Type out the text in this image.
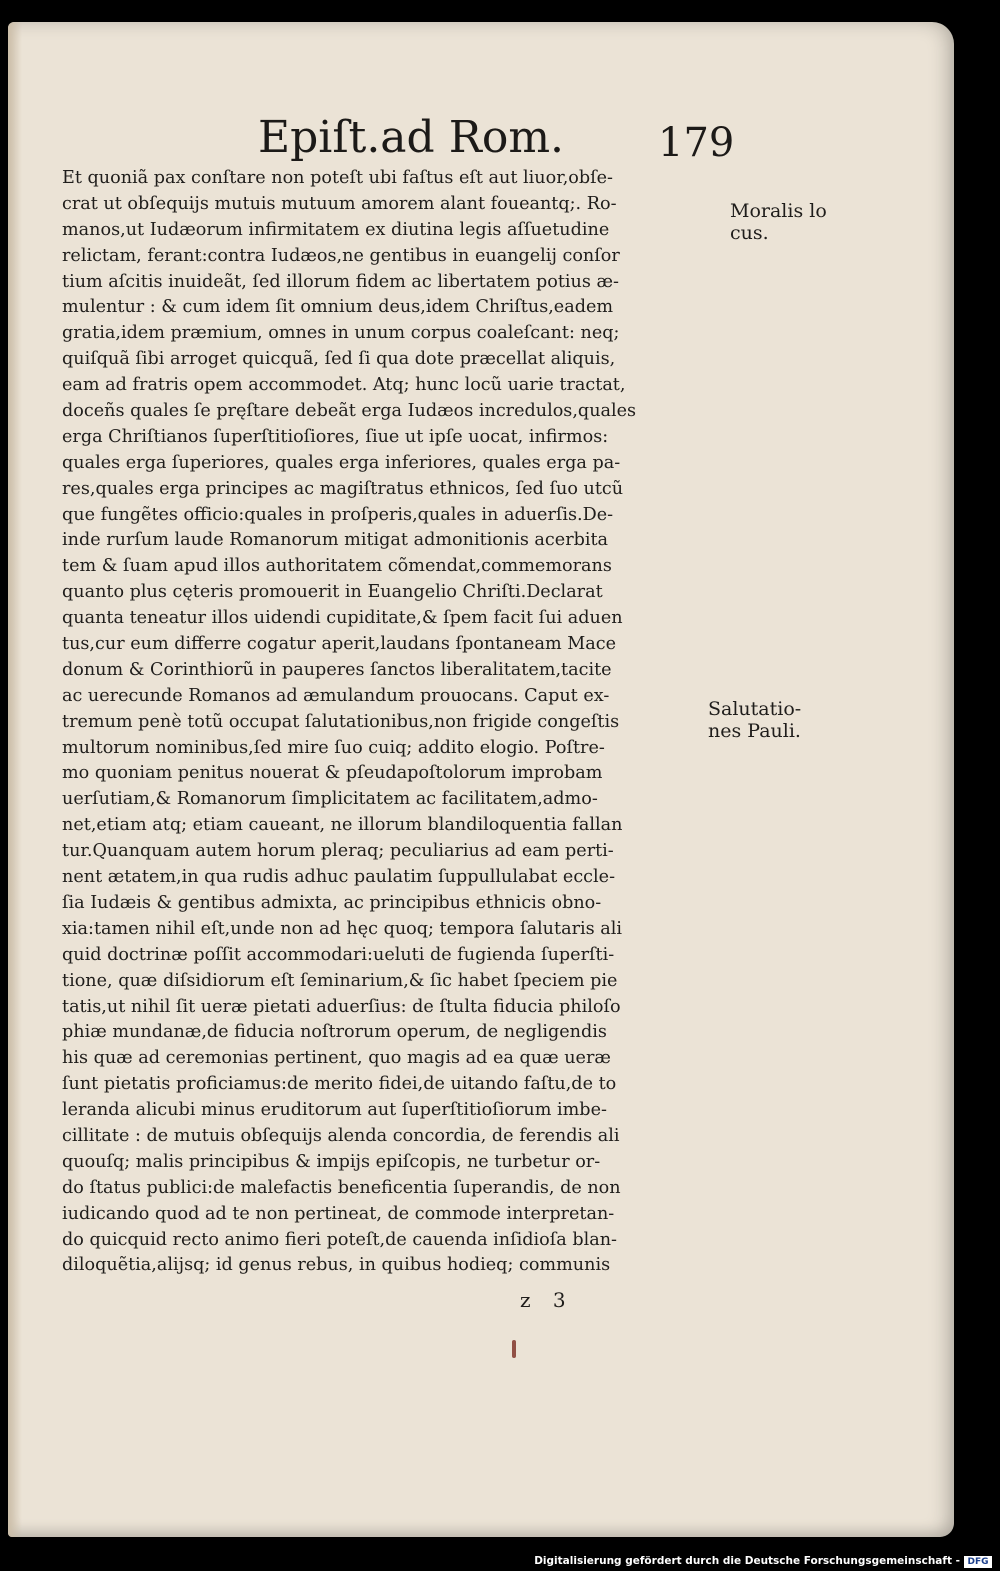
Epiſt.ad Rom. 179
Et quoniã pax conſtare non poteſt ubi faſtus eſt aut liuor,obſe-
crat ut obſequijs mutuis mutuum amorem alant foueantq;. Ro-
manos,ut Iudæorum infirmitatem ex diutina legis aſſuetudine
relictam, ferant:contra Iudæos,ne gentibus in euangelij conſor
tium aſcitis inuideãt, ſed illorum fidem ac libertatem potius æ-
mulentur : & cum idem ſit omnium deus,idem Chriſtus,eadem
gratia,idem præmium, omnes in unum corpus coaleſcant: neq;
quiſquã ſibi arroget quicquã, ſed ſi qua dote præcellat aliquis,
eam ad fratris opem accommodet. Atq; hunc locũ uarie tractat,
doceñs quales ſe pręſtare debeãt erga Iudæos incredulos,quales
erga Chriſtianos ſuperſtitioſiores, ſiue ut ipſe uocat, infirmos:
quales erga ſuperiores, quales erga inferiores, quales erga pa-
res,quales erga principes ac magiſtratus ethnicos, ſed ſuo utcũ
que fungẽtes officio:quales in proſperis,quales in aduerſis.De-
inde rurſum laude Romanorum mitigat admonitionis acerbita
tem & ſuam apud illos authoritatem cõmendat,commemorans
quanto plus cęteris promouerit in Euangelio Chriſti.Declarat
quanta teneatur illos uidendi cupiditate,& ſpem facit ſui aduen
tus,cur eum differre cogatur aperit,laudans ſpontaneam Mace
donum & Corinthiorũ in pauperes ſanctos liberalitatem,tacite
ac uerecunde Romanos ad æmulandum prouocans. Caput ex-
tremum penè totũ occupat ſalutationibus,non frigide congeſtis
multorum nominibus,ſed mire ſuo cuiq; addito elogio. Poſtre-
mo quoniam penitus nouerat & pſeudapoſtolorum improbam
uerſutiam,& Romanorum ſimplicitatem ac facilitatem,admo-
net,etiam atq; etiam caueant, ne illorum blandiloquentia fallan
tur.Quanquam autem horum pleraq; peculiarius ad eam perti-
nent ætatem,in qua rudis adhuc paulatim ſuppullulabat eccle-
ſia Iudæis & gentibus admixta, ac principibus ethnicis obno-
xia:tamen nihil eſt,unde non ad hęc quoq; tempora ſalutaris ali
quid doctrinæ poſſit accommodari:ueluti de fugienda ſuperſti-
tione, quæ diſsidiorum eſt ſeminarium,& ſic habet ſpeciem pie
tatis,ut nihil ſit ueræ pietati aduerſius: de ſtulta fiducia philoſo
phiæ mundanæ,de fiducia noſtrorum operum, de negligendis
his quæ ad ceremonias pertinent, quo magis ad ea quæ ueræ
ſunt pietatis proficiamus:de merito fidei,de uitando faſtu,de to
leranda alicubi minus eruditorum aut ſuperſtitioſiorum imbe-
cillitate : de mutuis obſequijs alenda concordia, de ferendis ali
quouſq; malis principibus & impijs epiſcopis, ne turbetur or-
do ſtatus publici:de malefactis beneficentia ſuperandis, de non
iudicando quod ad te non pertineat, de commode interpretan-
do quicquid recto animo fieri poteſt,de cauenda inſidioſa blan-
diloquẽtia,alijsq; id genus rebus, in quibus hodieq; communis
Moralis lo
cus.
Salutatio-
nes Pauli.
z 3
Digitalisierung gefördert durch die Deutsche Forschungsgemeinschaft - DFG
